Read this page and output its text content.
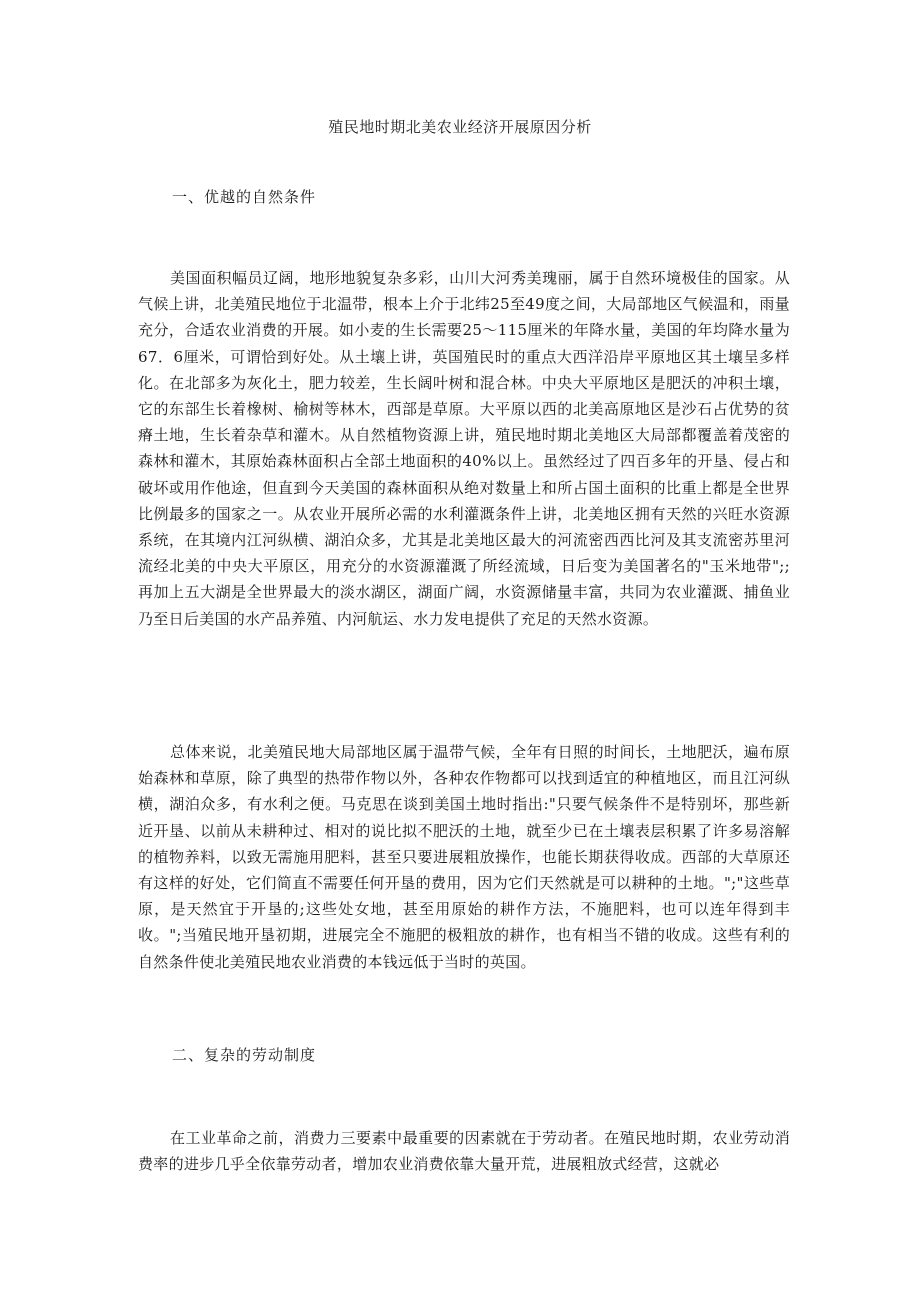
殖民地时期北美农业经济开展原因分析
一、优越的自然条件

美国面积幅员辽阔，地形地貌复杂多彩，山川大河秀美瑰丽，属于自然环境极佳的国家。从气候上讲，北美殖民地位于北温带，根本上介于北纬25至49度之间，大局部地区气候温和，雨量充分，合适农业消费的开展。如小麦的生长需要25～115厘米的年降水量，美国的年均降水量为67．6厘米，可谓恰到好处。从土壤上讲，英国殖民时的重点大西洋沿岸平原地区其土壤呈多样化。在北部多为灰化土，肥力较差，生长阔叶树和混合林。中央大平原地区是肥沃的冲积土壤，它的东部生长着橡树、榆树等林木，西部是草原。大平原以西的北美高原地区是沙石占优势的贫瘠土地，生长着杂草和灌木。从自然植物资源上讲，殖民地时期北美地区大局部都覆盖着茂密的森林和灌木，其原始森林面积占全部土地面积的40%以上。虽然经过了四百多年的开垦、侵占和破坏或用作他途，但直到今天美国的森林面积从绝对数量上和所占国土面积的比重上都是全世界比例最多的国家之一。从农业开展所必需的水利灌溉条件上讲，北美地区拥有天然的兴旺水资源系统，在其境内江河纵横、湖泊众多，尤其是北美地区最大的河流密西西比河及其支流密苏里河流经北美的中央大平原区，用充分的水资源灌溉了所经流域，日后变为美国著名的"玉米地带";;再加上五大湖是全世界最大的淡水湖区，湖面广阔，水资源储量丰富，共同为农业灌溉、捕鱼业乃至日后美国的水产品养殖、内河航运、水力发电提供了充足的天然水资源。

总体来说，北美殖民地大局部地区属于温带气候，全年有日照的时间长，土地肥沃，遍布原始森林和草原，除了典型的热带作物以外，各种农作物都可以找到适宜的种植地区，而且江河纵横，湖泊众多，有水利之便。马克思在谈到美国土地时指出:"只要气候条件不是特别坏，那些新近开垦、以前从未耕种过、相对的说比拟不肥沃的土地，就至少已在土壤表层积累了许多易溶解的植物养料，以致无需施用肥料，甚至只要进展粗放操作，也能长期获得收成。西部的大草原还有这样的好处，它们简直不需要任何开垦的费用，因为它们天然就是可以耕种的土地。";"这些草原，是天然宜于开垦的;这些处女地，甚至用原始的耕作方法，不施肥料，也可以连年得到丰收。";当殖民地开垦初期，进展完全不施肥的极粗放的耕作，也有相当不错的收成。这些有利的自然条件使北美殖民地农业消费的本钱远低于当时的英国。

二、复杂的劳动制度

在工业革命之前，消费力三要素中最重要的因素就在于劳动者。在殖民地时期，农业劳动消费率的进步几乎全依靠劳动者，增加农业消费依靠大量开荒，进展粗放式经营，这就必
